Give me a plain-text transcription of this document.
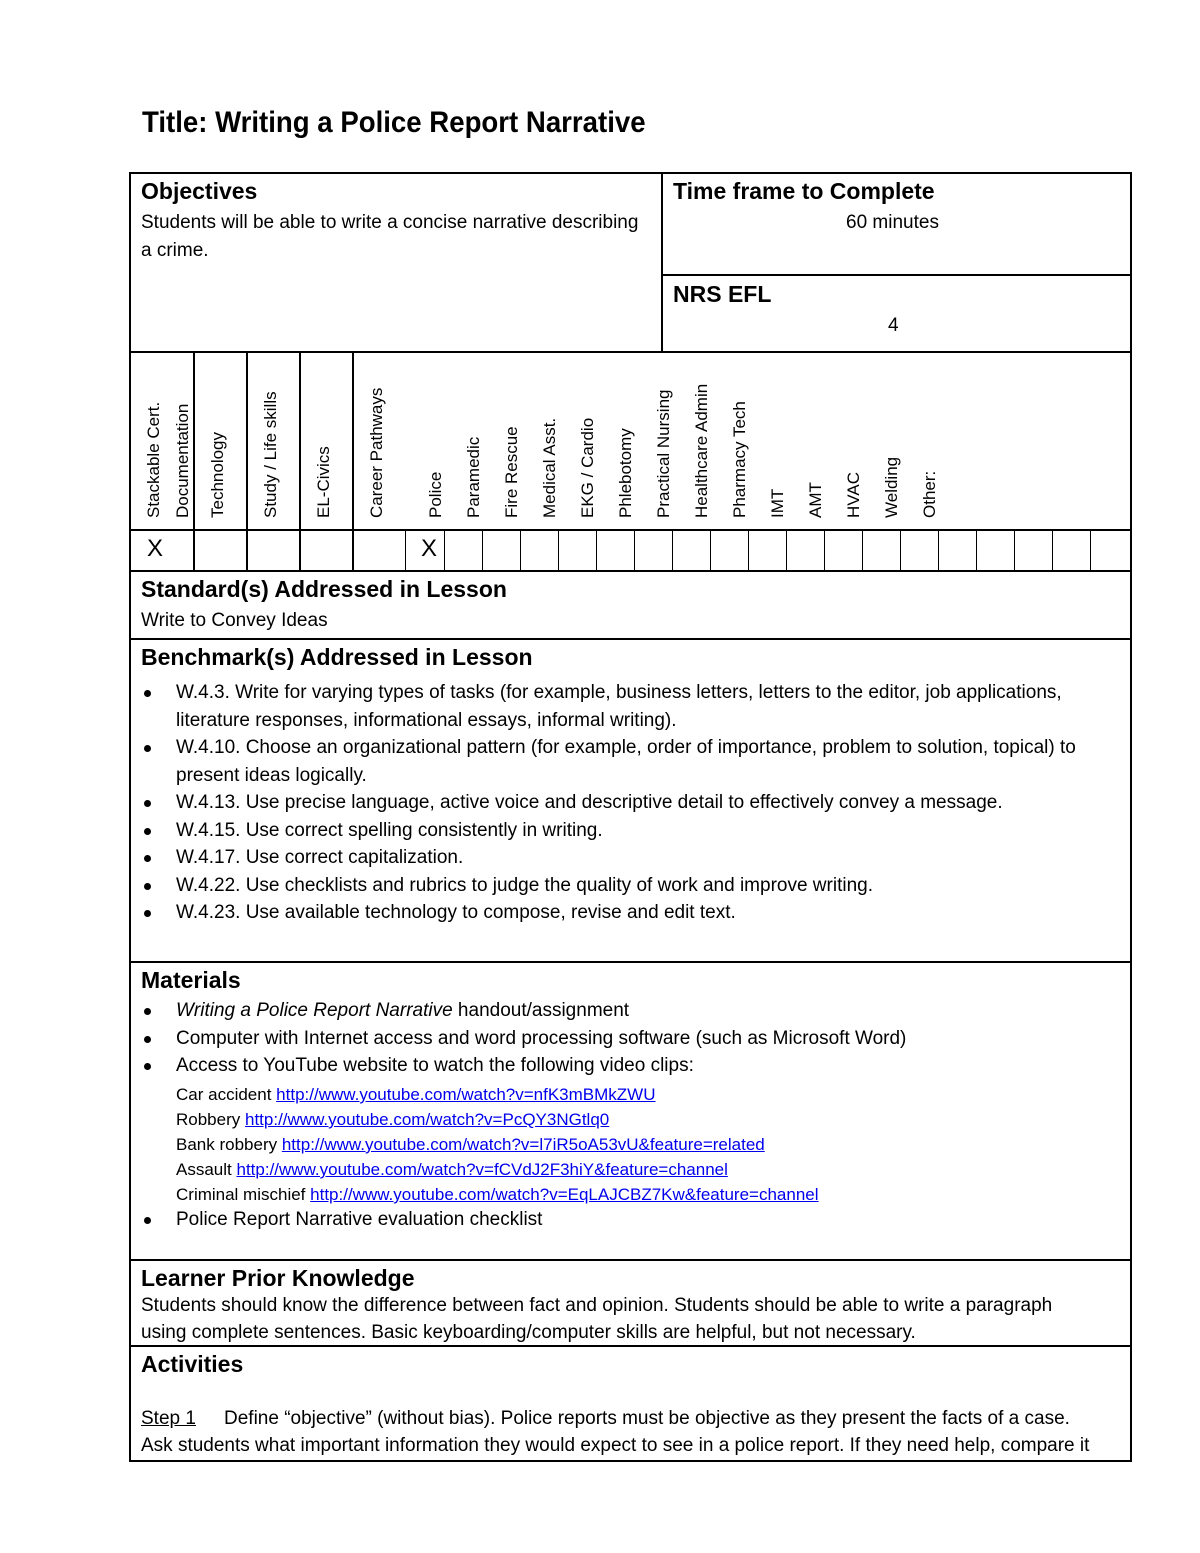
Title: Writing a Police Report Narrative
Objectives
Students will be able to write a concise narrative describing
a crime.
Time frame to Complete
60 minutes
NRS EFL
4
Stackable Cert. Documentation Technology Study / Life skills EL-Civics Career Pathways Police Paramedic Fire Rescue Medical Asst. EKG / Cardio Phlebotomy Practical Nursing Healthcare Admin Pharmacy Tech IMT AMT HVAC Welding Other:
X	X
Standard(s) Addressed in Lesson
Write to Convey Ideas
Benchmark(s) Addressed in Lesson
W.4.3. Write for varying types of tasks (for example, business letters, letters to the editor, job applications,
literature responses, informational essays, informal writing).
W.4.10. Choose an organizational pattern (for example, order of importance, problem to solution, topical) to
present ideas logically.
W.4.13. Use precise language, active voice and descriptive detail to effectively convey a message.
W.4.15. Use correct spelling consistently in writing.
W.4.17. Use correct capitalization.
W.4.22. Use checklists and rubrics to judge the quality of work and improve writing.
W.4.23. Use available technology to compose, revise and edit text.
Materials
Writing a Police Report Narrative handout/assignment
Computer with Internet access and word processing software (such as Microsoft Word)
Access to YouTube website to watch the following video clips:
Car accident http://www.youtube.com/watch?v=nfK3mBMkZWU
Robbery http://www.youtube.com/watch?v=PcQY3NGtlq0
Bank robbery http://www.youtube.com/watch?v=l7iR5oA53vU&feature=related
Assault http://www.youtube.com/watch?v=fCVdJ2F3hiY&feature=channel
Criminal mischief http://www.youtube.com/watch?v=EqLAJCBZ7Kw&feature=channel
Police Report Narrative evaluation checklist
Learner Prior Knowledge
Students should know the difference between fact and opinion. Students should be able to write a paragraph
using complete sentences. Basic keyboarding/computer skills are helpful, but not necessary.
Activities
Step 1 Define “objective” (without bias). Police reports must be objective as they present the facts of a case.
Ask students what important information they would expect to see in a police report. If they need help, compare it
